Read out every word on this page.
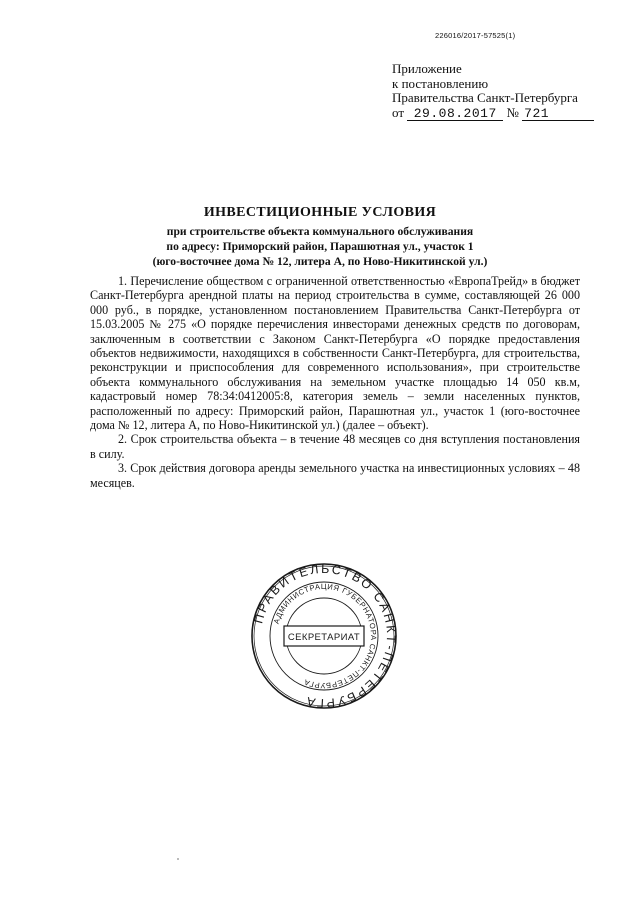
226016/2017-57525(1)
Приложение
к постановлению
Правительства Санкт-Петербурга
от 29.08.2017 № 721
ИНВЕСТИЦИОННЫЕ УСЛОВИЯ
при строительстве объекта коммунального обслуживания
по адресу: Приморский район, Парашютная ул., участок 1
(юго-восточнее дома № 12, литера А, по Ново-Никитинской ул.)

1. Перечисление обществом с ограниченной ответственностью «ЕвропаТрейд» в бюджет Санкт-Петербурга арендной платы на период строительства в сумме, составляющей 26 000 000 руб., в порядке, установленном постановлением Правительства Санкт-Петербурга от 15.03.2005 № 275 «О порядке перечисления инвесторами денежных средств по договорам, заключенным в соответствии с Законом Санкт-Петербурга «О порядке предоставления объектов недвижимости, находящихся в собственности Санкт-Петербурга, для строительства, реконструкции и приспособления для современного использования», при строительстве объекта коммунального обслуживания на земельном участке площадью 14 050 кв.м, кадастровый номер 78:34:0412005:8, категория земель – земли населенных пунктов, расположенный по адресу: Приморский район, Парашютная ул., участок 1 (юго-восточнее дома № 12, литера А, по Ново-Никитинской ул.) (далее – объект).

2. Срок строительства объекта – в течение 48 месяцев со дня вступления постановления в силу.

3. Срок действия договора аренды земельного участка на инвестиционных условиях – 48 месяцев.

ПРАВИТЕЛЬСТВО САНКТ-ПЕТЕРБУРГА
АДМИНИСТРАЦИЯ ГУБЕРНАТОРА САНКТ-ПЕТЕРБУРГА
СЕКРЕТАРИАТ
